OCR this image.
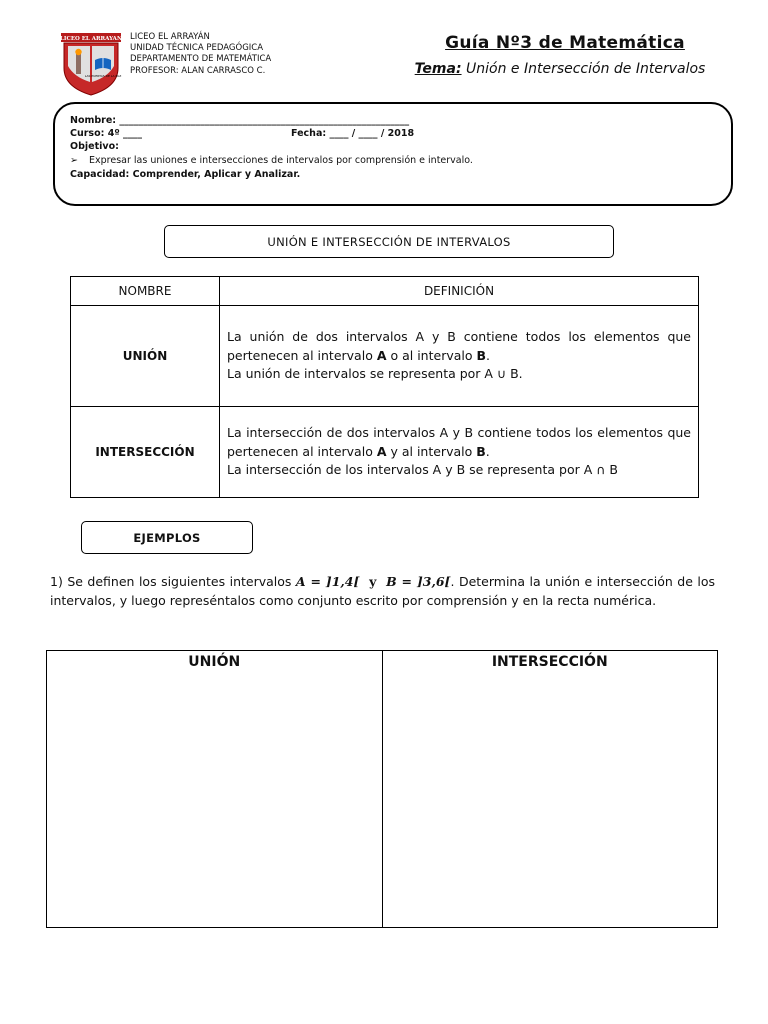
LICEO EL ARRAYAN
LAS PUERTAS DE LA PAZ
LICEO EL ARRAYÁN
UNIDAD TÉCNICA PEDAGÓGICA
DEPARTAMENTO DE MATEMÁTICA
PROFESOR: ALAN CARRASCO C.
Guía Nº3 de Matemática
Tema: Unión e Intersección de Intervalos
Nombre: _____________________________________________________________
Curso: 4º ____	Fecha: ____ / ____ / 2018
Objetivo:
➢ Expresar las uniones e intersecciones de intervalos por comprensión e intervalo.
Capacidad: Comprender, Aplicar y Analizar.
UNIÓN E INTERSECCIÓN DE INTERVALOS
NOMBRE	DEFINICIÓN
UNIÓN	La unión de dos intervalos A y B contiene todos los elementos que pertenecen al intervalo A o al intervalo B.
La unión de intervalos se representa por A ∪ B.

INTERSECCIÓN	La intersección de dos intervalos A y B contiene todos los elementos que pertenecen al intervalo A y al intervalo B.
La intersección de los intervalos A y B se representa por A ∩ B
EJEMPLOS
1) Se definen los siguientes intervalos A = ]1,4[  y  B = ]3,6[. Determina la unión e intersección de los intervalos, y luego represéntalos como conjunto escrito por comprensión y en la recta numérica.
UNIÓN	INTERSECCIÓN
